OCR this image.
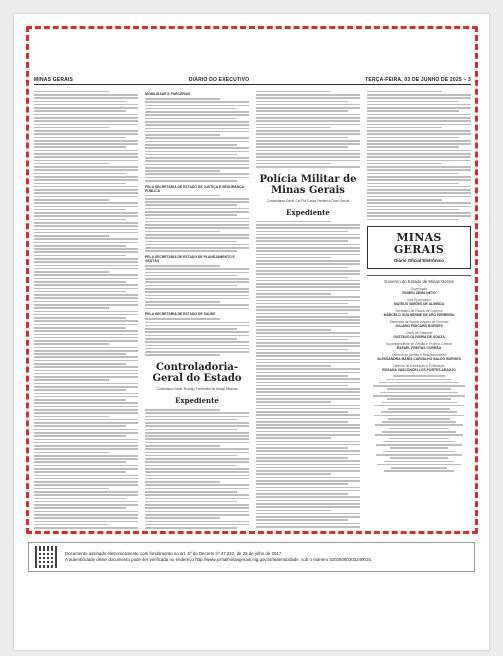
MINAS GERAIS	DIÁRIO DO EXECUTIVO	TERÇA-FEIRA, 03 DE JUNHO DE 2025 – 3
MOBILIDADE E PARCERIAS
PELA SECRETARIA DE ESTADO DE JUSTIÇA E SEGURANÇA PÚBLICA
PELA SECRETARIA DE ESTADO DE PLANEJAMENTO E GESTÃO
PELA SECRETARIA DE ESTADO DE SAÚDE
Controladoria-Geral do Estado
Controlador-Geral: Rodrigo Fontenelle de Araújo Miranda
Expediente
Polícia Militar de Minas Gerais
Comandante-Geral: Cel PM Carlos Frederico Otoni Garcia
Expediente
MINAS GERAIS
Diário Oficial Eletrônico
Governo do Estado de Minas Gerais
Governador
ROMEU ZEMA NETO
Vice-Governador
MATEUS SIMÕES DE ALMEIDA
Secretário de Estado de Governo
MARCELO GUILHERME DE ARO FERREIRA
Secretário de Estado Adjunto de Governo
JULIANO FISICARO BORGES
Chefe de Gabinete
GUSTAVO OLIVEIRA DE SOUZA
Superintendente de Gestão e Projetos Central
RAFAEL FREITAS CORRÊA
Diretora de Gestão e Relacionamento
ALESSANDRA MARIA CARVALHO BALDO BORGES
Diretora de Editoração e Publicação
ROSANA VASCONCELLOS PORTES ARAÚJO
Documento assinado eletronicamente com fundamento no art. 6º do Decreto nº 47.222, de 26 de julho de 2017.
A autenticidade deste documento pode ser verificada no endereço http://www.jornalminasgerais.mg.gov.br/autenticidade, sob o número 32025060303240015.
